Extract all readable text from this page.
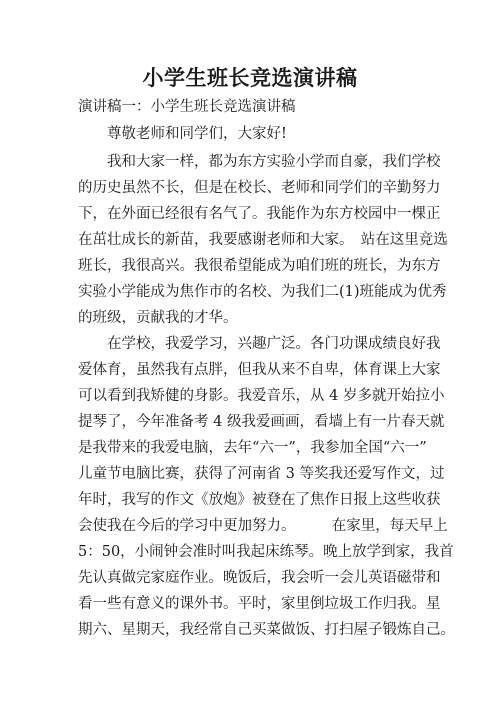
小学生班长竞选演讲稿
演讲稿一：小学生班长竞选演讲稿
尊敬老师和同学们，大家好!
我和大家一样，都为东方实验小学而自豪，我们学校
的历史虽然不长，但是在校长、老师和同学们的辛勤努力
下，在外面已经很有名气了。我能作为东方校园中一棵正
在茁壮成长的新苗，我要感谢老师和大家。　站在这里竞选
班长，我很高兴。我很希望能成为咱们班的班长，为东方
实验小学能成为焦作市的名校、为我们二(1)班能成为优秀
的班级，贡献我的才华。
在学校，我爱学习，兴趣广泛。各门功课成绩良好我
爱体育，虽然我有点胖，但我从来不自卑，体育课上大家
可以看到我矫健的身影。我爱音乐，从 4 岁多就开始拉小
提琴了，今年准备考 4 级我爱画画，看墙上有一片春天就
是我带来的我爱电脑，去年“六一”，我参加全国“六一”
儿童节电脑比赛，获得了河南省 3 等奖我还爱写作文，过
年时，我写的作文《放炮》被登在了焦作日报上这些收获
会使我在今后的学习中更加努力。　　　在家里，每天早上
5：50，小闹钟会准时叫我起床练琴。晚上放学到家，我首
先认真做完家庭作业。晚饭后，我会听一会儿英语磁带和
看一些有意义的课外书。平时，家里倒垃圾工作归我。星
期六、星期天，我经常自己买菜做饭、打扫屋子锻炼自己。
